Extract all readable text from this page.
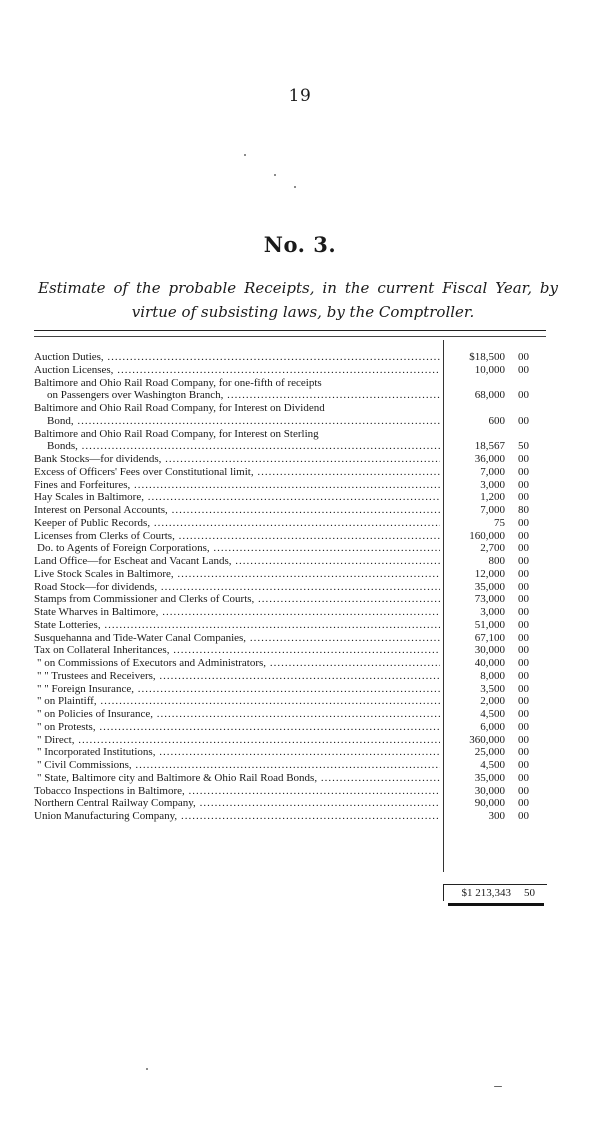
19
No. 3.
Estimate of the probable Receipts, in the current Fiscal Year, by
virtue of subsisting laws, by the Comptroller.
Auction Duties, .....	$18,500	00
Auction Licenses, .....	10,000	00
Baltimore and Ohio Rail Road Company, for one-fifth of receipts
on Passengers over Washington Branch, .....	68,000	00
Baltimore and Ohio Rail Road Company, for Interest on Dividend
Bond, .....	600	00
Baltimore and Ohio Rail Road Company, for Interest on Sterling
Bonds, .....	18,567	50
Bank Stocks—for dividends, .....	36,000	00
Excess of Officers' Fees over Constitutional limit, .....	7,000	00
Fines and Forfeitures, .....	3,000	00
Hay Scales in Baltimore, .....	1,200	00
Interest on Personal Accounts, .....	7,000	80
Keeper of Public Records, .....	75	00
Licenses from Clerks of Courts, .....	160,000	00
Do. to Agents of Foreign Corporations, .....	2,700	00
Land Office—for Escheat and Vacant Lands, .....	800	00
Live Stock Scales in Baltimore, .....	12,000	00
Road Stock—for dividends, .....	35,000	00
Stamps from Commissioner and Clerks of Courts, .....	73,000	00
State Wharves in Baltimore, .....	3,000	00
State Lotteries, .....	51,000	00
Susquehanna and Tide-Water Canal Companies, .....	67,100	00
Tax on Collateral Inheritances, .....	30,000	00
" on Commissions of Executors and Administrators, .....	40,000	00
" " Trustees and Receivers, .....	8,000	00
" " Foreign Insurance, .....	3,500	00
" on Plaintiff, .....	2,000	00
" on Policies of Insurance, .....	4,500	00
" on Protests, .....	6,000	00
" Direct, .....	360,000	00
" Incorporated Institutions, .....	25,000	00
" Civil Commissions, .....	4,500	00
" State, Baltimore city and Baltimore & Ohio Rail Road Bonds, .....	35,000	00
Tobacco Inspections in Baltimore, .....	30,000	00
Northern Central Railway Company, .....	90,000	00
Union Manufacturing Company, .....	300	00
$1 213,343	50
